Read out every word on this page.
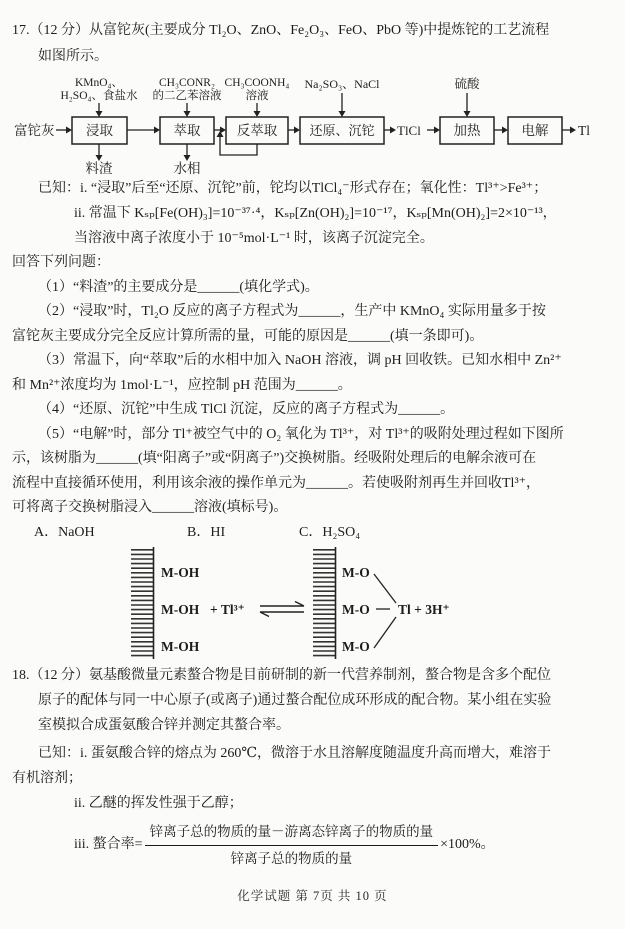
17.（12 分）从富铊灰(主要成分 Tl₂O、ZnO、Fe₂O₃、FeO、PbO 等)中提炼铊的工艺流程
如图所示。
KMnO₄、
H₂SO₄、食盐水
CH₃CONR₂
的二乙苯溶液
CH₃COONH₄
溶液
Na₂SO₃、NaCl	硫酸
富铊灰	TlCl	Tl
浸取	萃取	反萃取 还原、沉铊	加热	电解
料渣	水相
已知：i. “浸取”后至“还原、沉铊”前，铊均以TlCl₄⁻形式存在；氧化性：Tl³⁺>Fe³⁺；
ii. 常温下 Kₛₚ[Fe(OH)₃]=10⁻³⁷·⁴，Kₛₚ[Zn(OH)₂]=10⁻¹⁷，Kₛₚ[Mn(OH)₂]=2×10⁻¹³，
当溶液中离子浓度小于 10⁻⁵mol·L⁻¹ 时，该离子沉淀完全。
回答下列问题：
（1）“料渣”的主要成分是______(填化学式)。
（2）“浸取”时，Tl₂O 反应的离子方程式为______，生产中 KMnO₄ 实际用量多于按
富铊灰主要成分完全反应计算所需的量，可能的原因是______(填一条即可)。
（3）常温下，向“萃取”后的水相中加入 NaOH 溶液，调 pH 回收铁。已知水相中 Zn²⁺
和 Mn²⁺浓度均为 1mol·L⁻¹，应控制 pH 范围为______。
（4）“还原、沉铊”中生成 TlCl 沉淀，反应的离子方程式为______。
（5）“电解”时，部分 Tl⁺被空气中的 O₂ 氧化为 Tl³⁺，对 Tl³⁺的吸附处理过程如下图所
示，该树脂为______(填“阳离子”或“阴离子”)交换树脂。经吸附处理后的电解余液可在
流程中直接循环使用，利用该余液的操作单元为______。若使吸附剂再生并回收Tl³⁺，
可将离子交换树脂浸入______溶液(填标号)。
A．NaOH	B．HI	C．H₂SO₄
M-OH
M-OH
M-OH
+ Tl³⁺
M-O
M-O
M-O
Tl + 3H⁺
18.（12 分）氨基酸微量元素螯合物是目前研制的新一代营养制剂，螯合物是含多个配位
原子的配体与同一中心原子(或离子)通过螯合配位成环形成的配合物。某小组在实验
室模拟合成蛋氨酸合锌并测定其螯合率。
已知：i. 蛋氨酸合锌的熔点为 260℃，微溶于水且溶解度随温度升高而增大，难溶于
有机溶剂；
ii. 乙醚的挥发性强于乙醇；
iii. 螯合率= $\frac{\text{锌离子总的物质的量－游离态锌离子的物质的量}}{\text{锌离子总的物质的量}} \times 100\%$。
化学试题 第 7页 共 10 页
